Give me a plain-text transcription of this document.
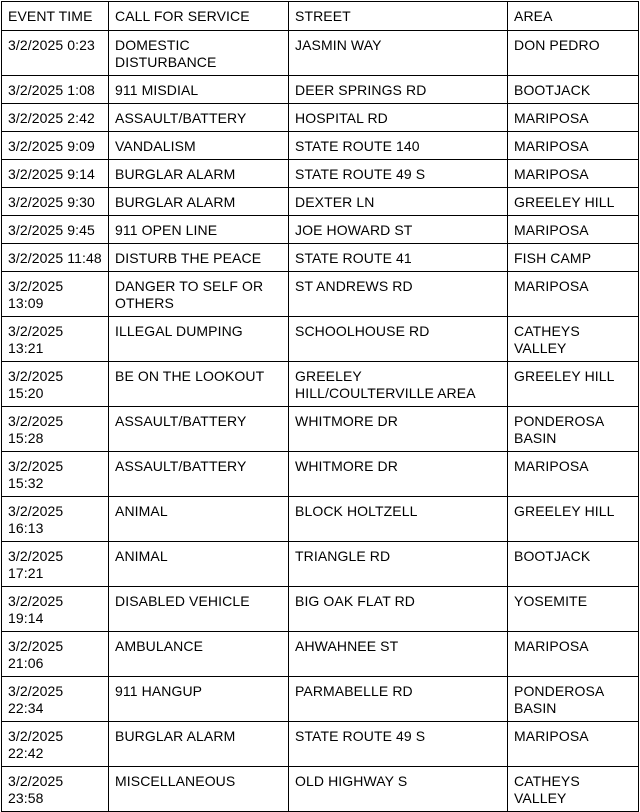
EVENT TIME	CALL FOR SERVICE	STREET	AREA
3/2/2025 0:23	DOMESTIC DISTURBANCE	JASMIN WAY	DON PEDRO
3/2/2025 1:08	911 MISDIAL	DEER SPRINGS RD	BOOTJACK
3/2/2025 2:42	ASSAULT/BATTERY	HOSPITAL RD	MARIPOSA
3/2/2025 9:09	VANDALISM	STATE ROUTE 140	MARIPOSA
3/2/2025 9:14	BURGLAR ALARM	STATE ROUTE 49 S	MARIPOSA
3/2/2025 9:30	BURGLAR ALARM	DEXTER LN	GREELEY HILL
3/2/2025 9:45	911 OPEN LINE	JOE HOWARD ST	MARIPOSA
3/2/2025 11:48	DISTURB THE PEACE	STATE ROUTE 41	FISH CAMP
3/2/2025 13:09	DANGER TO SELF OR OTHERS	ST ANDREWS RD	MARIPOSA
3/2/2025 13:21	ILLEGAL DUMPING	SCHOOLHOUSE RD	CATHEYS VALLEY
3/2/2025 15:20	BE ON THE LOOKOUT	GREELEY HILL/COULTERVILLE AREA	GREELEY HILL
3/2/2025 15:28	ASSAULT/BATTERY	WHITMORE DR	PONDEROSA BASIN
3/2/2025 15:32	ASSAULT/BATTERY	WHITMORE DR	MARIPOSA
3/2/2025 16:13	ANIMAL	BLOCK HOLTZELL	GREELEY HILL
3/2/2025 17:21	ANIMAL	TRIANGLE RD	BOOTJACK
3/2/2025 19:14	DISABLED VEHICLE	BIG OAK FLAT RD	YOSEMITE
3/2/2025 21:06	AMBULANCE	AHWAHNEE ST	MARIPOSA
3/2/2025 22:34	911 HANGUP	PARMABELLE RD	PONDEROSA BASIN
3/2/2025 22:42	BURGLAR ALARM	STATE ROUTE 49 S	MARIPOSA
3/2/2025 23:58	MISCELLANEOUS	OLD HIGHWAY S	CATHEYS VALLEY
